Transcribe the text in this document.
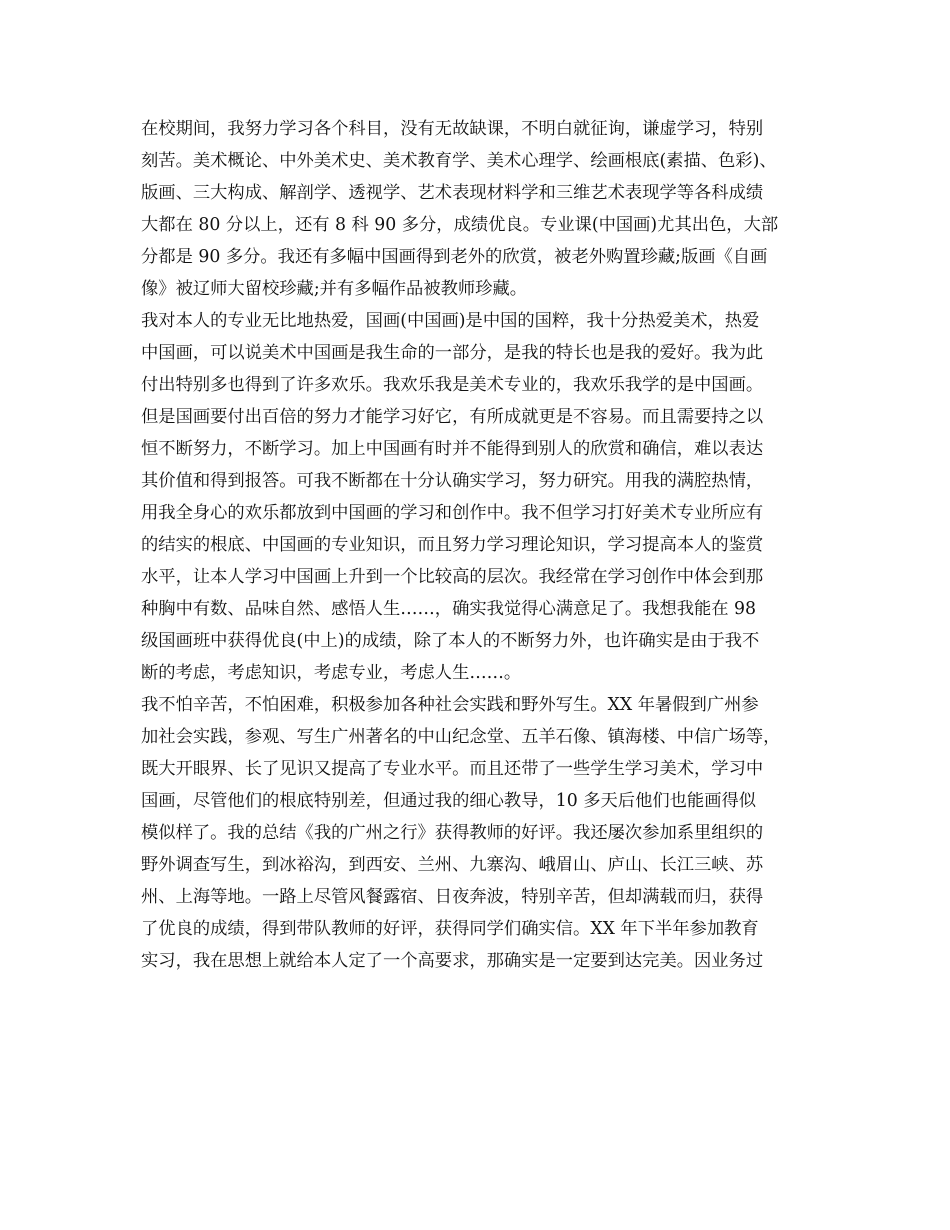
在校期间，我努力学习各个科目，没有无故缺课，不明白就征询，谦虚学习，特别
刻苦。美术概论、中外美术史、美术教育学、美术心理学、绘画根底(素描、色彩)、
版画、三大构成、解剖学、透视学、艺术表现材料学和三维艺术表现学等各科成绩
大都在 80 分以上，还有 8 科 90 多分，成绩优良。专业课(中国画)尤其出色，大部
分都是 90 多分。我还有多幅中国画得到老外的欣赏，被老外购置珍藏;版画《自画
像》被辽师大留校珍藏;并有多幅作品被教师珍藏。
我对本人的专业无比地热爱，国画(中国画)是中国的国粹，我十分热爱美术，热爱
中国画，可以说美术中国画是我生命的一部分，是我的特长也是我的爱好。我为此
付出特别多也得到了许多欢乐。我欢乐我是美术专业的，我欢乐我学的是中国画。
但是国画要付出百倍的努力才能学习好它，有所成就更是不容易。而且需要持之以
恒不断努力，不断学习。加上中国画有时并不能得到别人的欣赏和确信，难以表达
其价值和得到报答。可我不断都在十分认确实学习，努力研究。用我的满腔热情，
用我全身心的欢乐都放到中国画的学习和创作中。我不但学习打好美术专业所应有
的结实的根底、中国画的专业知识，而且努力学习理论知识，学习提高本人的鉴赏
水平，让本人学习中国画上升到一个比较高的层次。我经常在学习创作中体会到那
种胸中有数、品味自然、感悟人生……，确实我觉得心满意足了。我想我能在 98
级国画班中获得优良(中上)的成绩，除了本人的不断努力外，也许确实是由于我不
断的考虑，考虑知识，考虑专业，考虑人生……。
我不怕辛苦，不怕困难，积极参加各种社会实践和野外写生。XX 年暑假到广州参
加社会实践，参观、写生广州著名的中山纪念堂、五羊石像、镇海楼、中信广场等，
既大开眼界、长了见识又提高了专业水平。而且还带了一些学生学习美术，学习中
国画，尽管他们的根底特别差，但通过我的细心教导，10 多天后他们也能画得似
模似样了。我的总结《我的广州之行》获得教师的好评。我还屡次参加系里组织的
野外调查写生，到冰裕沟，到西安、兰州、九寨沟、峨眉山、庐山、长江三峡、苏
州、上海等地。一路上尽管风餐露宿、日夜奔波，特别辛苦，但却满载而归，获得
了优良的成绩，得到带队教师的好评，获得同学们确实信。XX 年下半年参加教育
实习，我在思想上就给本人定了一个高要求，那确实是一定要到达完美。因业务过
